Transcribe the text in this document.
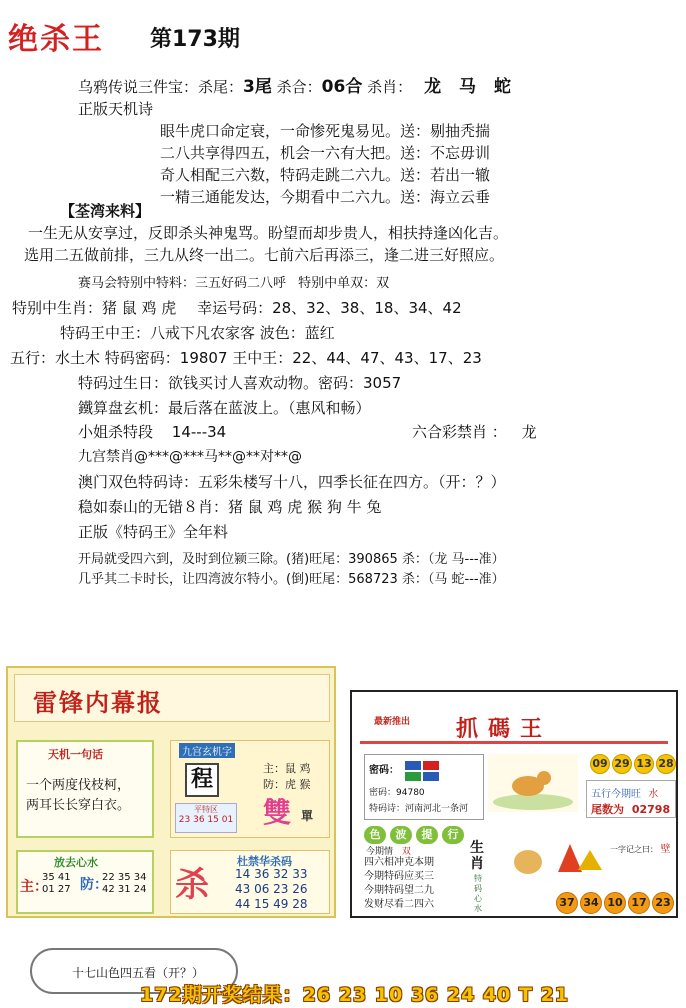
绝杀王 第173期
乌鸦传说三件宝：杀尾：3尾 杀合：06合 杀肖： 龙 马 蛇
正版天机诗
眼牛虎口命定衰，一命惨死鬼易见。送：剔抽秃揣
二八共享得四五，机会一六有大把。送：不忘毋训
奇人相配三六数，特码走跳二六九。送：若出一辙
一精三通能发达，今期看中二六九。送：海立云垂
【荃湾来料】
一生无从安享过，反即杀头神鬼骂。盼望而却步贵人，相扶持逢凶化吉。
选用二五做前排，三九从终一出二。七前六后再添三，逢二进三好照应。
赛马会特别中特料：三五好码二八呼 特别中单双：双
特别中生肖：猪 鼠 鸡 虎 幸运号码：28、32、38、18、34、42
特码王中王：八戒下凡农家客 波色：蓝红
五行：水土木 特码密码：19807 王中王：22、44、47、43、17、23
特码过生日：欲钱买讨人喜欢动物。密码：3057
鐵算盘玄机：最后落在蓝波上。（惠风和畅）
小姐杀特段 14---34	六合彩禁肖 ： 龙
九宫禁肖@***@***马**@**对**@
澳门双色特码诗：五彩朱楼写十八，四季长征在四方。（开：？）
稳如泰山的无错８肖：猪 鼠 鸡 虎 猴 狗 牛 兔
正版《特码王》全年料
开局就受四六到，及时到位颍三除。(猪)旺尾：390865 杀：（龙 马---准）
几乎其二卡时长，让四湾波尔特小。(倒)旺尾：568723 杀：（马 蛇---准）
雷锋内幕报
天机一句话
一个两度伐枝柯，
两耳长长穿白衣。
九宫玄机字
程	主：鼠 鸡
防：虎 猴
平特区
23 36 15 01 雙 單
放去心水
主：
35 41
01 27 防：
22 35 34
42 31 24 杀
杜禁华杀码
14 36 32 33
43 06 23 26
44 15 49 28
最新推出 抓碼王
密码：
密码：94780
特码诗：河南河北一条河
09 29 13 28
五行今期旺 水
尾数为 02798
色	波	提	行
今期情 双
四六相冲克本期
今期特码应买三
今期特码望二九
发财尽看二四六
生肖
特码心水
一字记之曰： 壁
37 34 10 17 23
十七山色四五看（开？）
172期开奖结果：26 23 10 36 24 40 T 21
